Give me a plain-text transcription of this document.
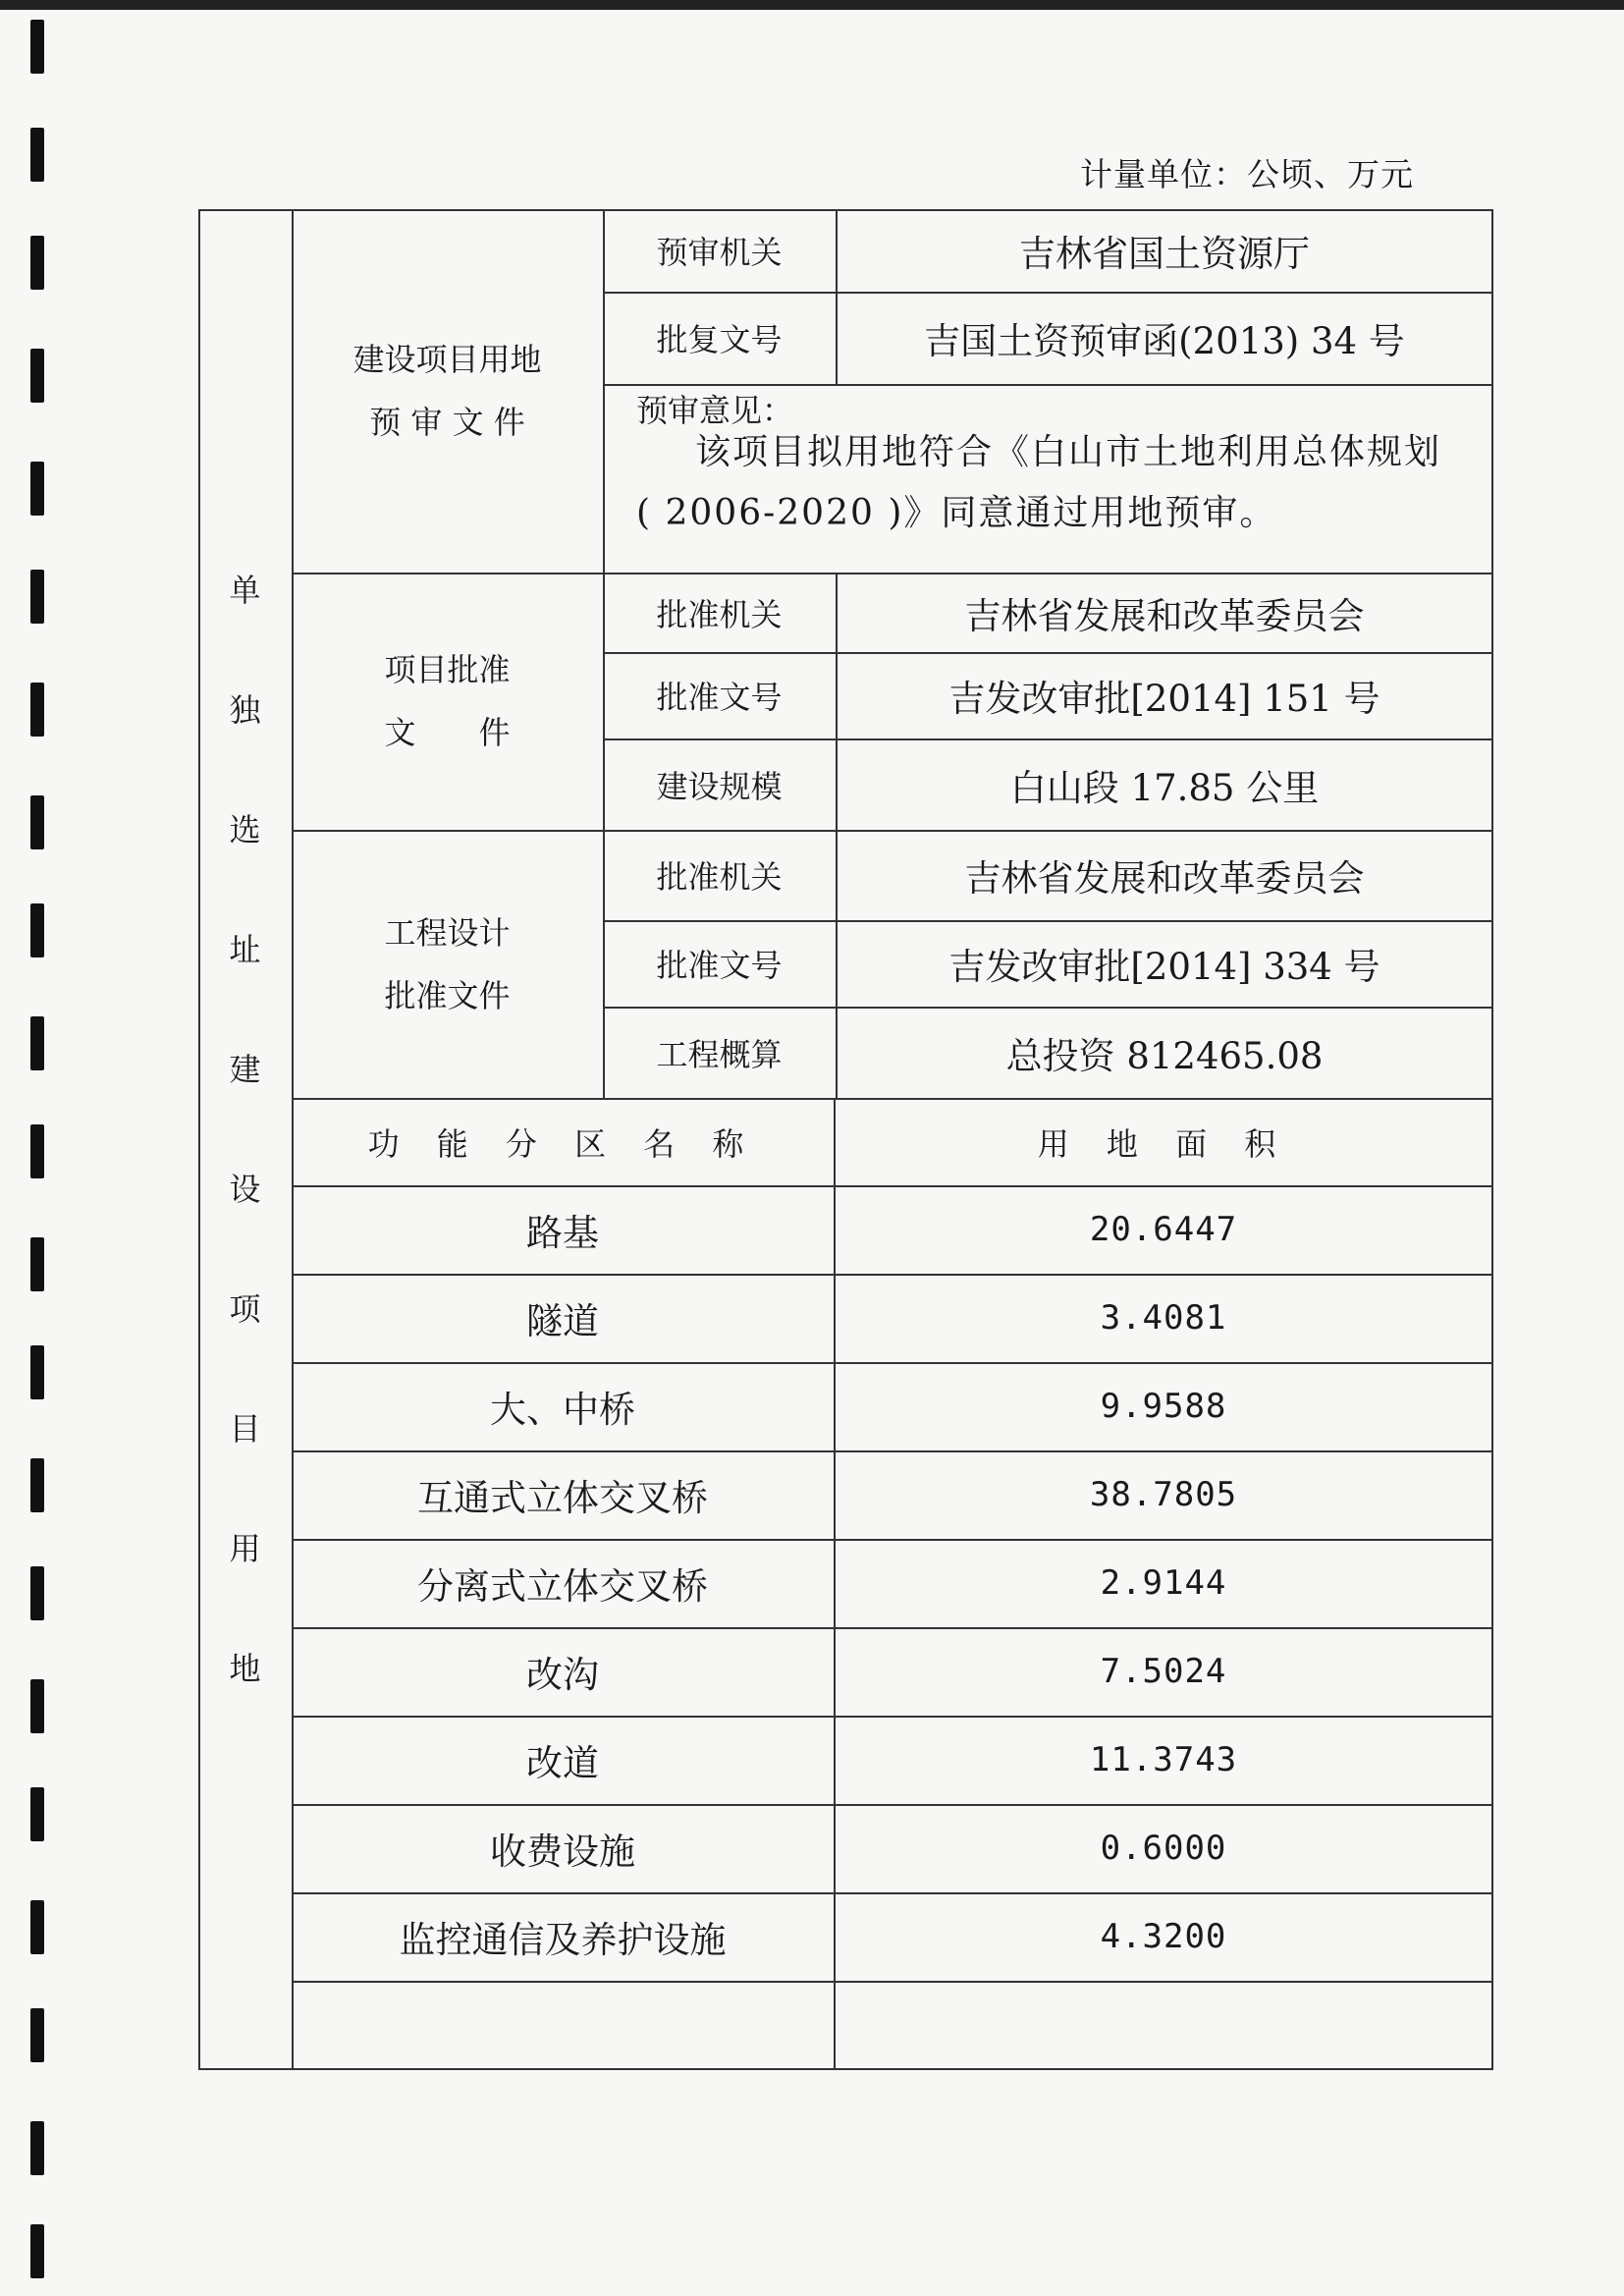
计量单位：公顷、万元
单
独
选
址
建
设
项
目
用
地
建设项目用地
预 审 文 件
预审机关	吉林省国土资源厅
批复文号	吉国土资预审函(2013) 34 号
预审意见：
该项目拟用地符合《白山市土地利用总体规划
( 2006-2020 )》同意通过用地预审。
项目批准
文　　件
批准机关	吉林省发展和改革委员会
批准文号	吉发改审批[2014] 151 号
建设规模	白山段 17.85 公里
工程设计
批准文件
批准机关	吉林省发展和改革委员会
批准文号	吉发改审批[2014] 334 号
工程概算	总投资 812465.08
功 能 分 区 名 称	用 地 面 积
路基	20.6447
隧道	3.4081
大、中桥	9.9588
互通式立体交叉桥	38.7805
分离式立体交叉桥	2.9144
改沟	7.5024
改道	11.3743
收费设施	0.6000
监控通信及养护设施	4.3200
